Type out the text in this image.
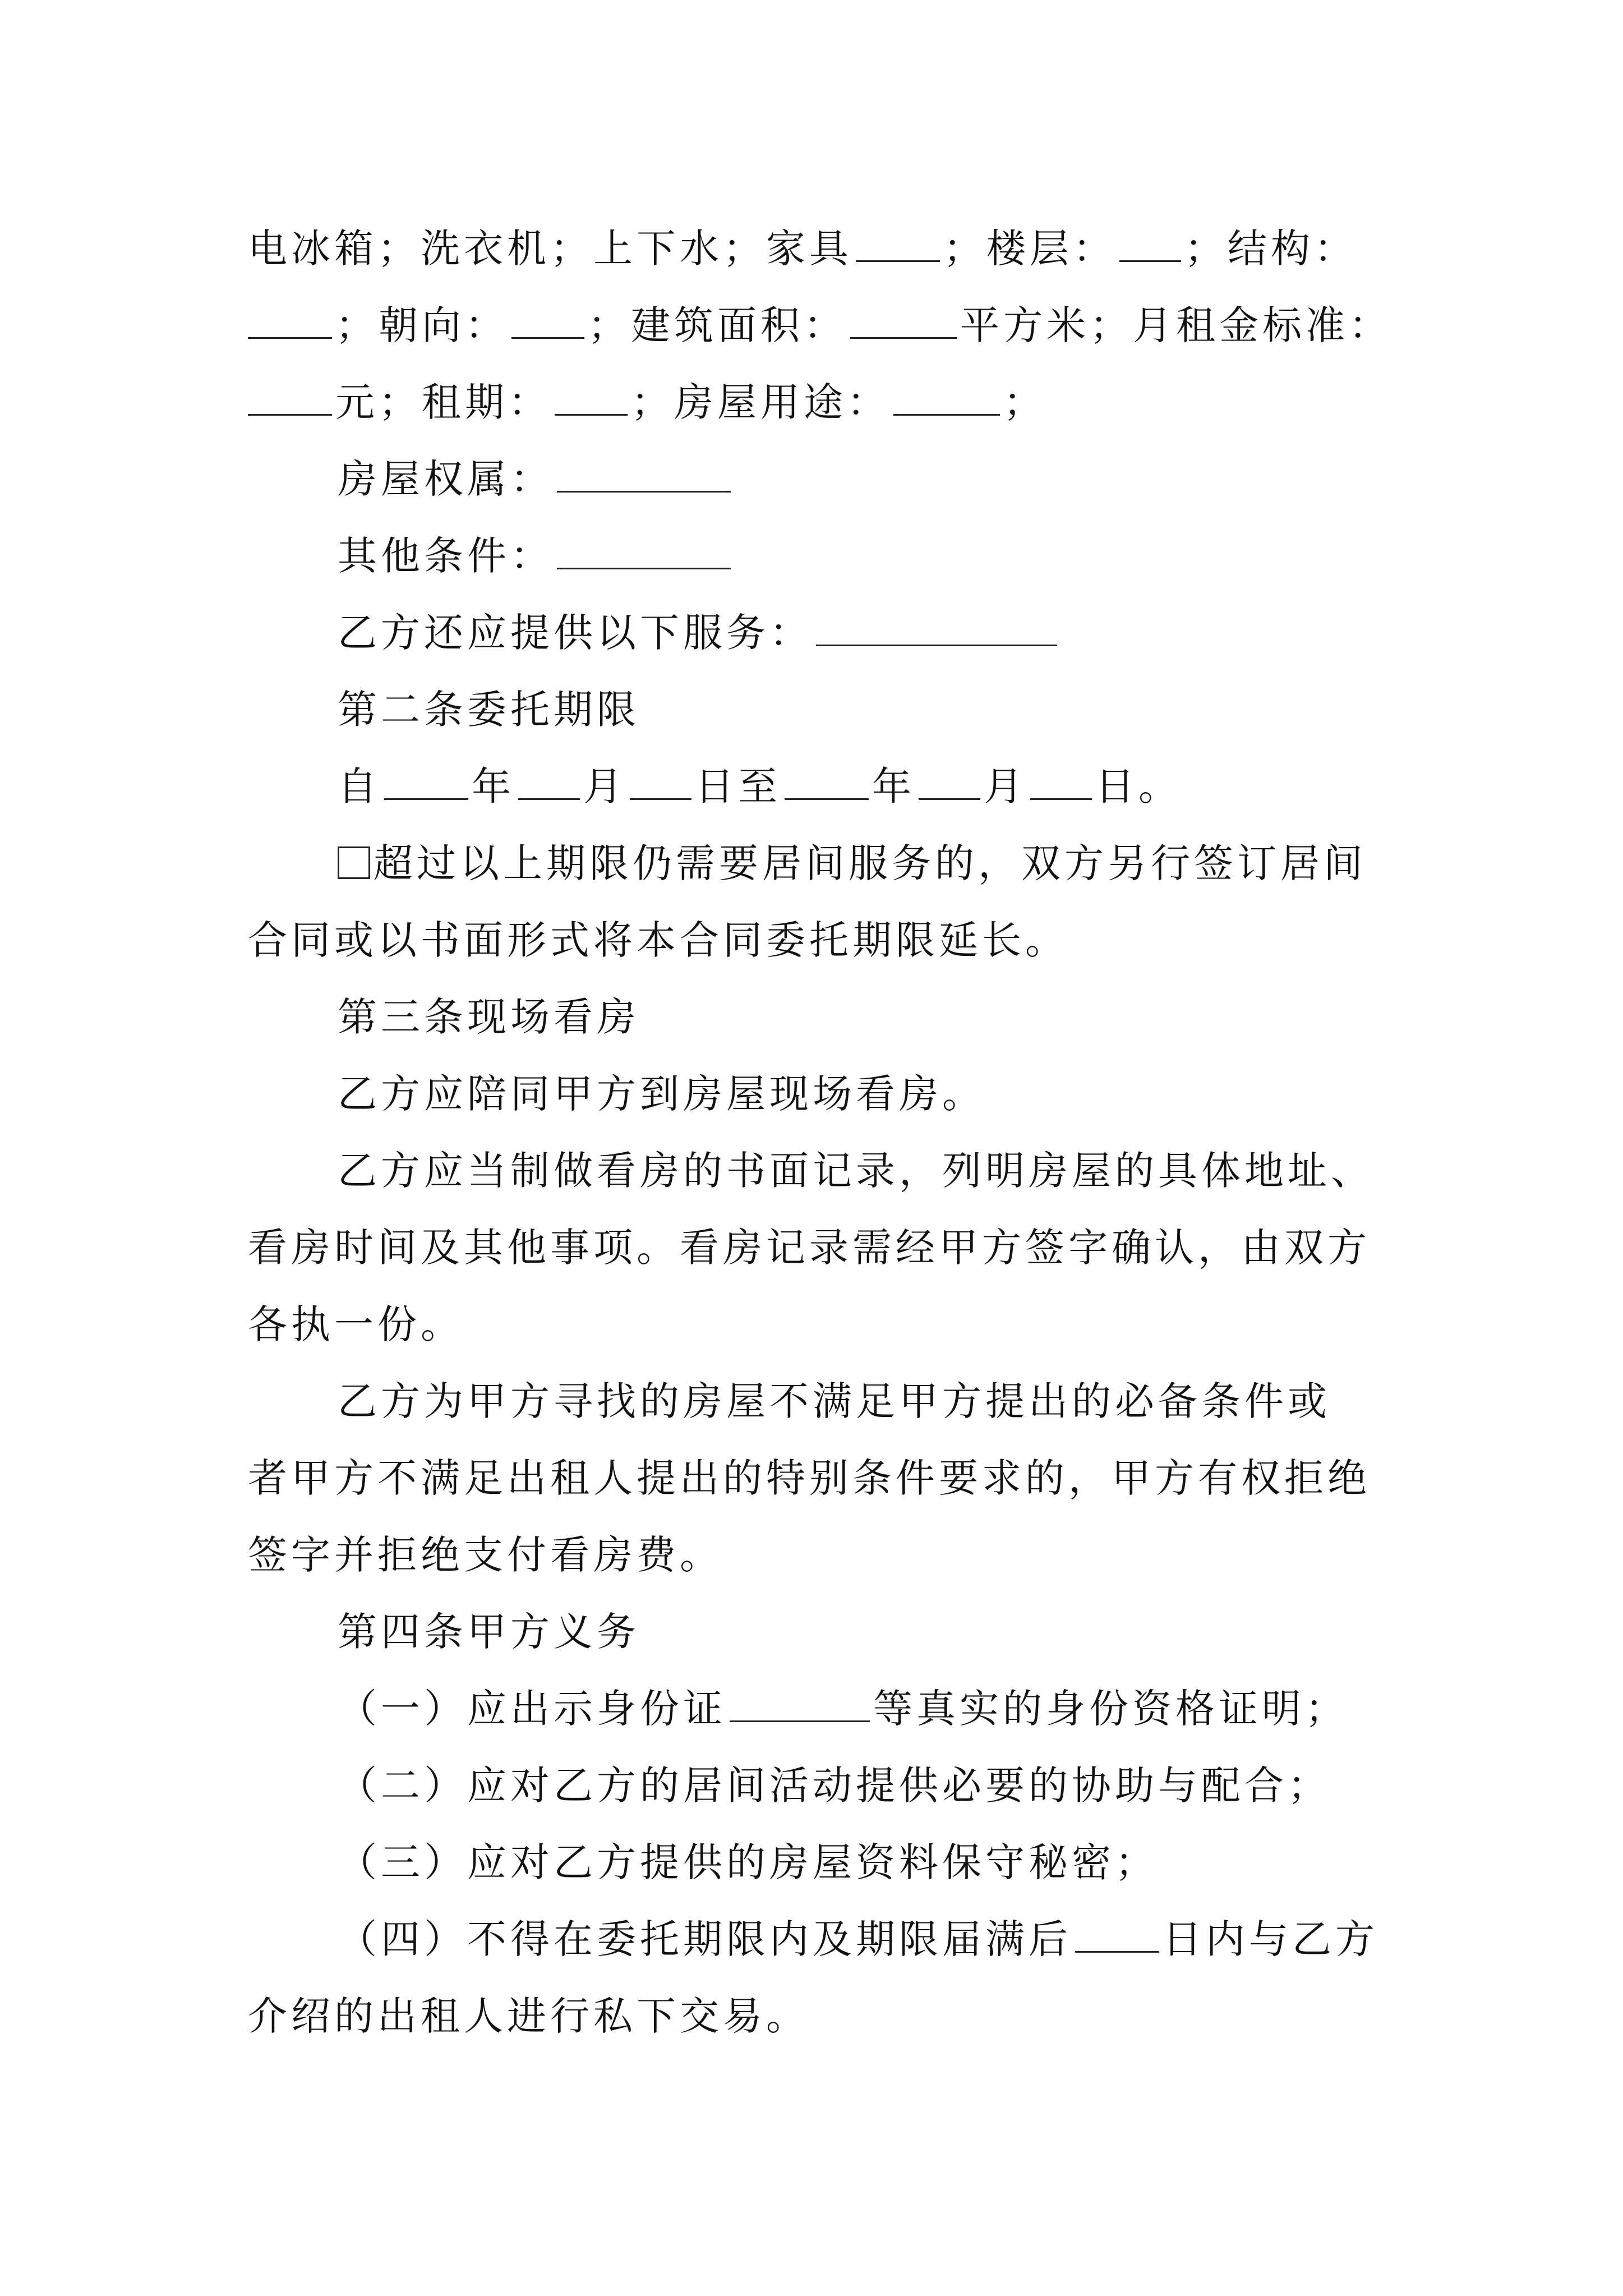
电冰箱；洗衣机；上下水；家具 ；楼层： ；结构：
；朝向： ；建筑面积：	平方米；月租金标准：
元；租期： ；房屋用途：	；
房屋权属：
其他条件：
乙方还应提供以下服务：
第二条委托期限
自 年 月 日至 年 月 日。
超过以上期限仍需要居间服务的，双方另行签订居间
合同或以书面形式将本合同委托期限延长。
第三条现场看房
乙方应陪同甲方到房屋现场看房。
乙方应当制做看房的书面记录，列明房屋的具体地址、
看房时间及其他事项。看房记录需经甲方签字确认，由双方
各执一份。
乙方为甲方寻找的房屋不满足甲方提出的必备条件或
者甲方不满足出租人提出的特别条件要求的，甲方有权拒绝
签字并拒绝支付看房费。
第四条甲方义务
（一）应出示身份证	等真实的身份资格证明；
（二）应对乙方的居间活动提供必要的协助与配合；
（三）应对乙方提供的房屋资料保守秘密；
（四）不得在委托期限内及期限届满后 日内与乙方
介绍的出租人进行私下交易。
